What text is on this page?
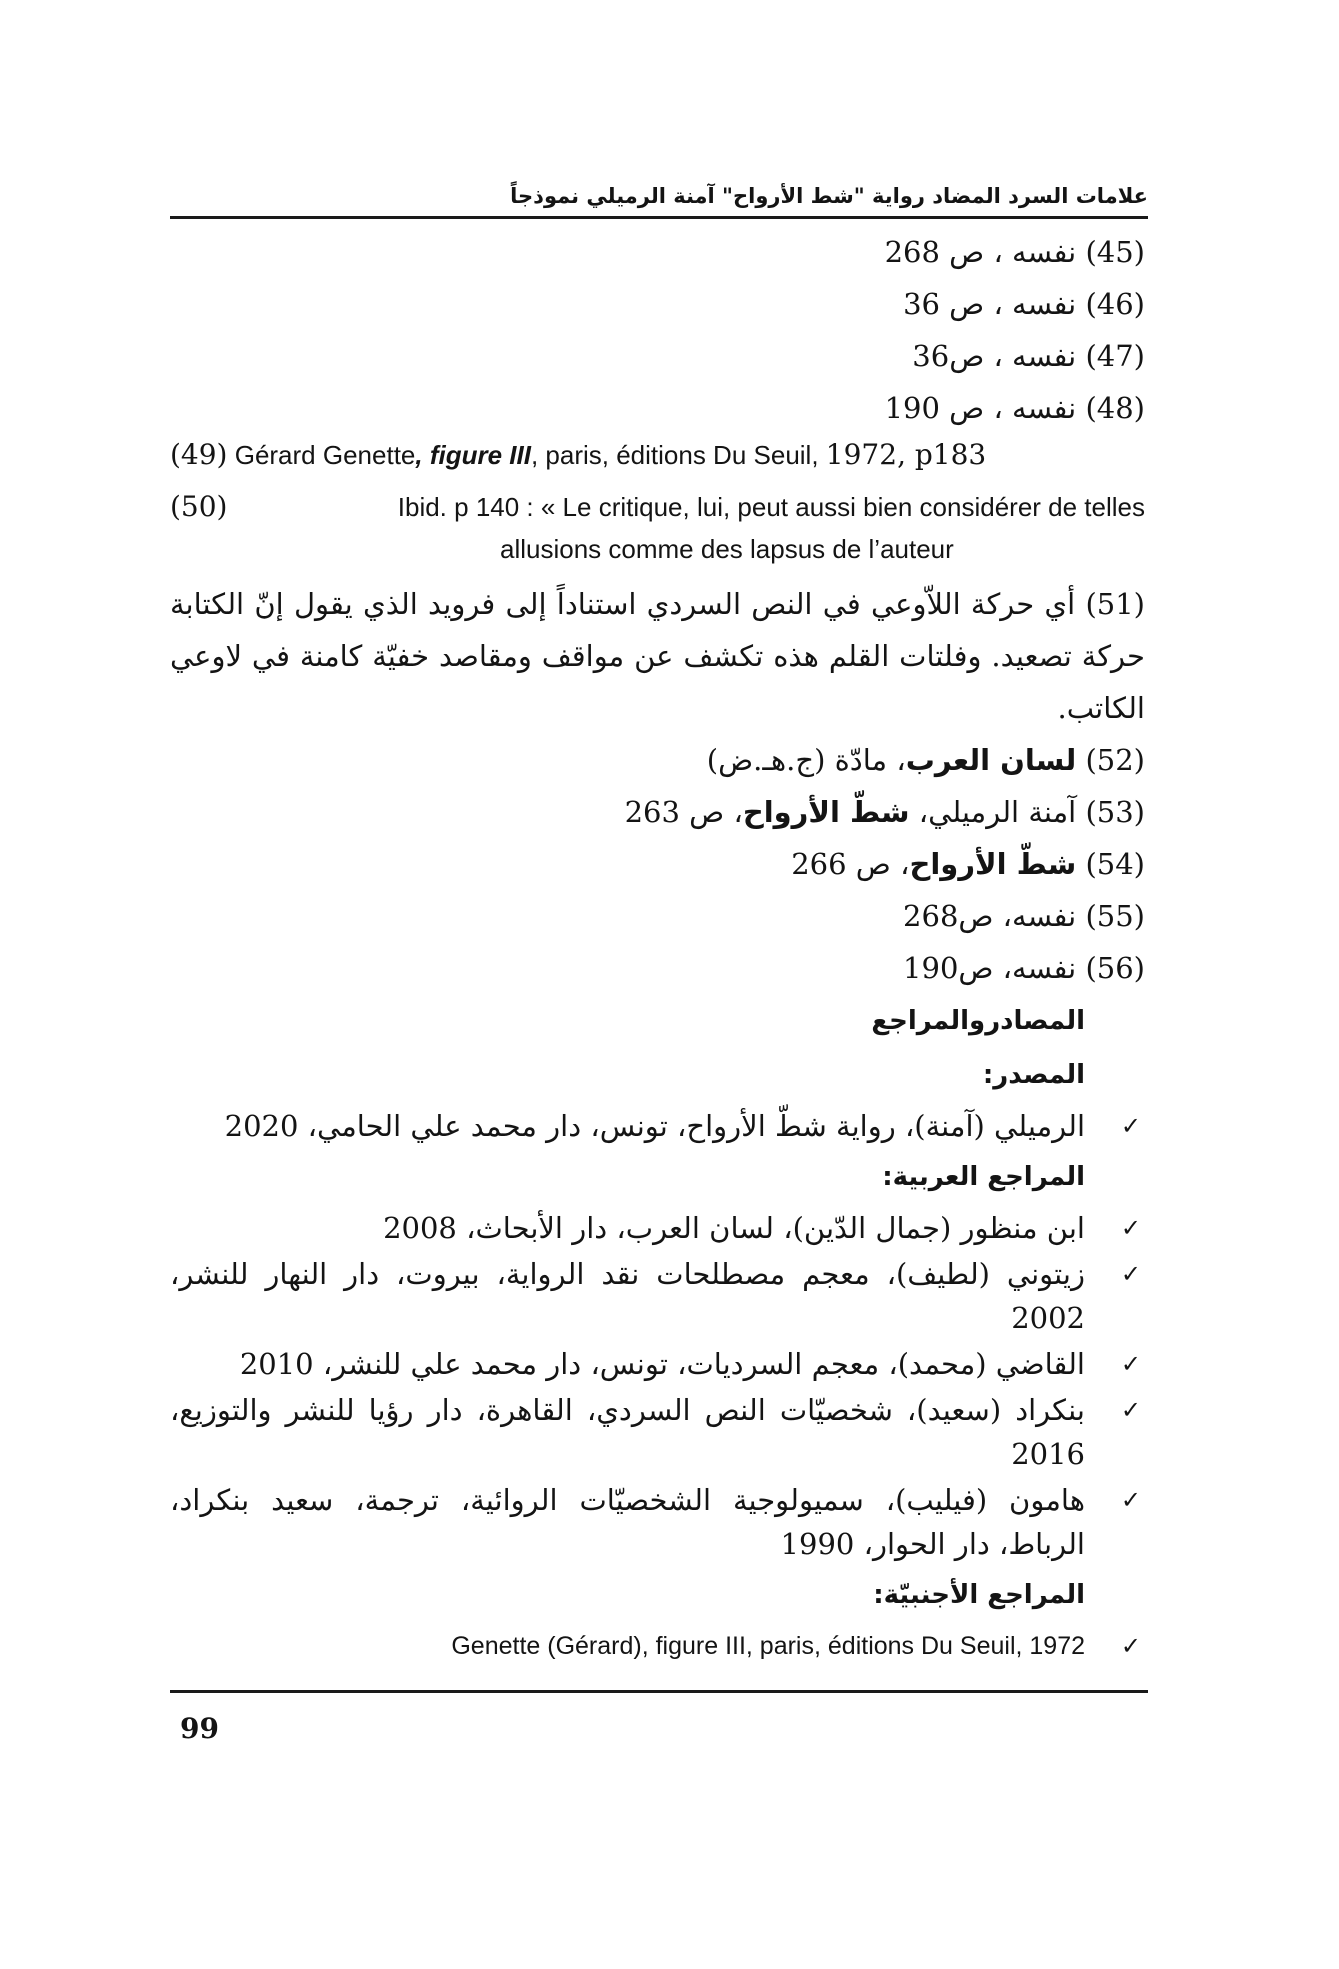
علامات السرد المضاد رواية "شط الأرواح" آمنة الرميلي نموذجاً
(45) نفسه ، ص 268
(46) نفسه ، ص 36
(47) نفسه ، ص36
(48) نفسه ، ص 190
(49) Gérard Genette, figure III, paris, éditions Du Seuil, 1972, p183
(50)	Ibid. p 140 : « Le critique, lui, peut aussi bien considérer de telles
allusions comme des lapsus de l’auteur
(51) أي حركة اللاّوعي في النص السردي استناداً إلى فرويد الذي يقول إنّ الكتابة حركة تصعيد. وفلتات القلم هذه تكشف عن مواقف ومقاصد خفيّة كامنة في لاوعي الكاتب.
(52) لسان العرب، مادّة (ج.هـ.ض)
(53) آمنة الرميلي، شطّ الأرواح، ص 263
(54) شطّ الأرواح، ص 266
(55) نفسه، ص268
(56) نفسه، ص190
المصادروالمراجع
المصدر:
✓
الرميلي (آمنة)، رواية شطّ الأرواح، تونس، دار محمد علي الحامي، 2020
المراجع العربية:
✓
ابن منظور (جمال الدّين)، لسان العرب، دار الأبحاث، 2008
✓
زيتوني (لطيف)، معجم مصطلحات نقد الرواية، بيروت، دار النهار للنشر، 2002
✓
القاضي (محمد)، معجم السرديات، تونس، دار محمد علي للنشر، 2010
✓
بنكراد (سعيد)، شخصيّات النص السردي، القاهرة، دار رؤيا للنشر والتوزيع، 2016
✓
هامون (فيليب)، سميولوجية الشخصيّات الروائية، ترجمة، سعيد بنكراد، الرباط، دار الحوار، 1990
المراجع الأجنبيّة:
✓
Genette (Gérard), figure III, paris, éditions Du Seuil, 1972
99
